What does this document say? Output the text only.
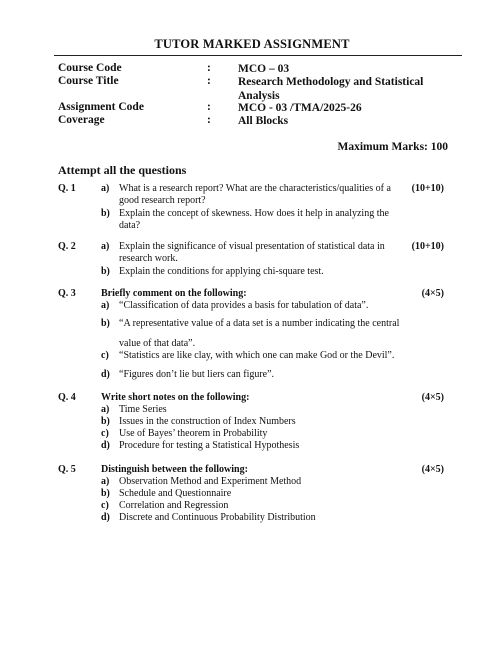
TUTOR MARKED ASSIGNMENT
Course Code	: MCO – 03
Course Title	: Research Methodology and Statistical Analysis
Assignment Code	: MCO - 03 /TMA/2025-26
Coverage	: All Blocks
Maximum Marks: 100
Attempt all the questions
Q. 1	(10+10)
a) What is a research report? What are the characteristics/qualities of a good research report?
b) Explain the concept of skewness. How does it help in analyzing the data?
Q. 2	(10+10)
a) Explain the significance of visual presentation of statistical data in research work.
b) Explain the conditions for applying chi-square test.
Q. 3	Briefly comment on the following:	(4×5)
a) “Classification of data provides a basis for tabulation of data”.
b) “A representative value of a data set is a number indicating the central value of that data”.
c) “Statistics are like clay, with which one can make God or the Devil”.
d) “Figures don’t lie but liers can figure”.
Q. 4	Write short notes on the following:	(4×5)
a) Time Series
b) Issues in the construction of Index Numbers
c) Use of Bayes’ theorem in Probability
d) Procedure for testing a Statistical Hypothesis
Q. 5	Distinguish between the following:	(4×5)
a) Observation Method and Experiment Method
b) Schedule and Questionnaire
c) Correlation and Regression
d) Discrete and Continuous Probability Distribution
